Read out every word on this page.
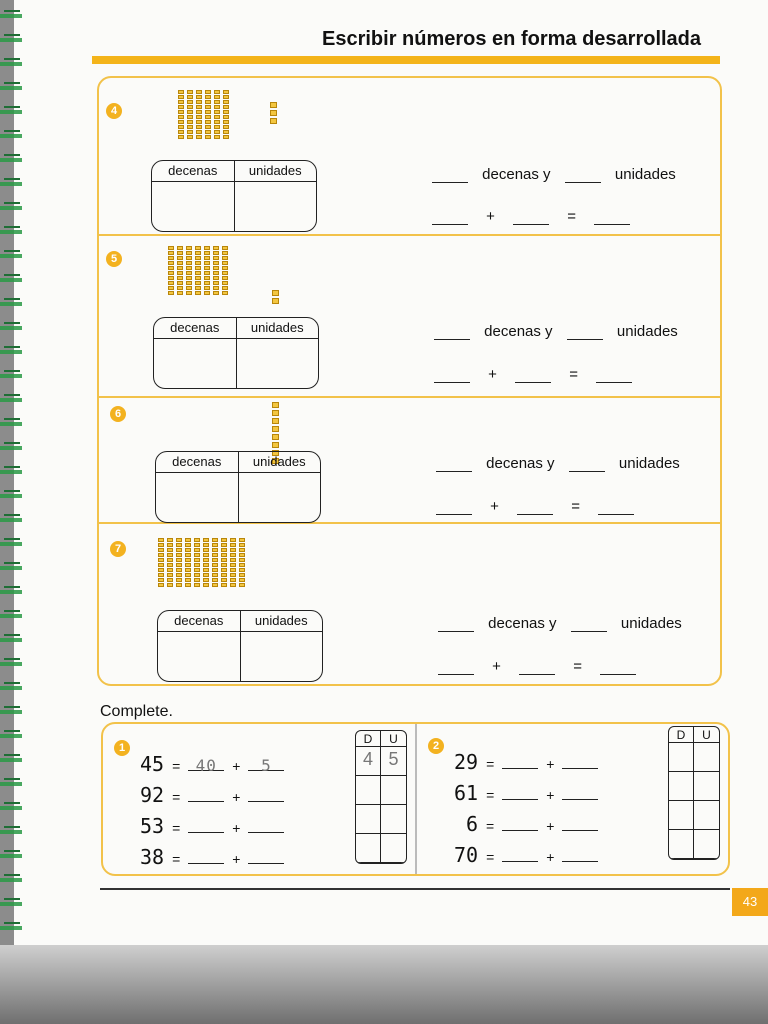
Escribir números en forma desarrollada
4
decenas	unidades	decenas y	unidades
+	=
5
decenas	unidades	decenas y	unidades
+	=
6
decenas	unidades	decenas y	unidades
+	=
7
decenas	unidades	decenas y	unidades
+	=
Complete.
1
45 = 40 + 5
92 =	+
53 =	+
38 =	+
D	U
4 5
2
29 =	+
61 =	+
6 =	+
70 =	+
D	U
43
